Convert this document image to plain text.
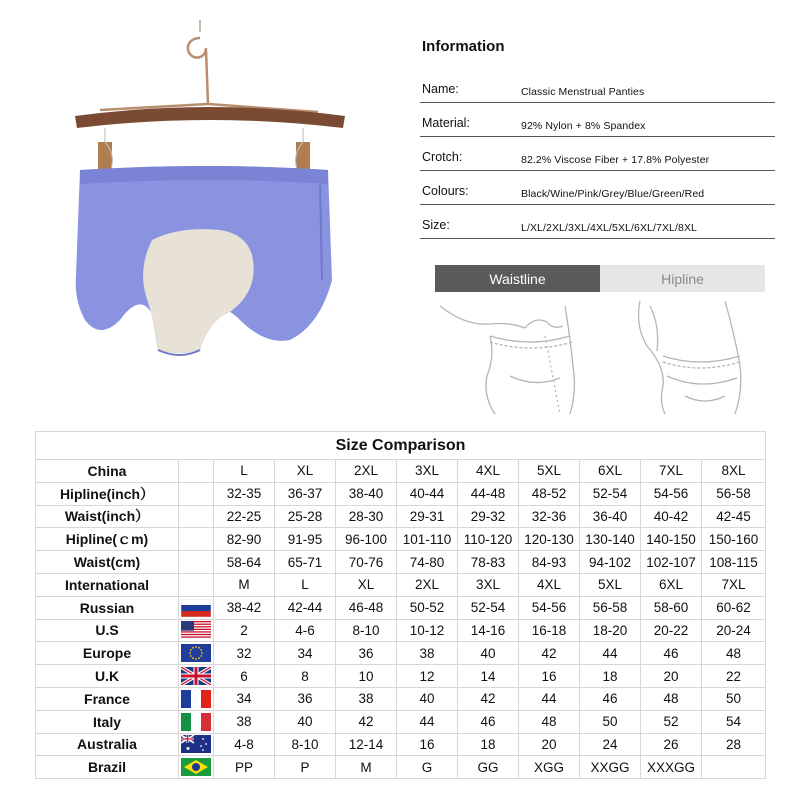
Information
Name:	Classic Menstrual Panties
Material:	92% Nylon + 8% Spandex
Crotch:	82.2% Viscose Fiber + 17.8% Polyester
Colours:	Black/Wine/Pink/Grey/Blue/Green/Red
Size:	L/XL/2XL/3XL/4XL/5XL/6XL/7XL/8XL
Waistline	Hipline
Size Comparison										
China		L	XL	2XL	3XL	4XL	5XL	6XL	7XL	8XL
Hipline(inch）		32-35	36-37	38-40	40-44	44-48	48-52	52-54	54-56	56-58
Waist(inch）		22-25	25-28	28-30	29-31	29-32	32-36	36-40	40-42	42-45
Hipline(ｃm)		82-90	91-95	96-100	101-110	110-120	120-130	130-140	140-150	150-160
Waist(cm)		58-64	65-71	70-76	74-80	78-83	84-93	94-102	102-107	108-115
International		M	L	XL	2XL	3XL	4XL	5XL	6XL	7XL
Russian		38-42	42-44	46-48	50-52	52-54	54-56	56-58	58-60	60-62
U.S		2	4-6	8-10	10-12	14-16	16-18	18-20	20-22	20-24
Europe		32	34	36	38	40	42	44	46	48
U.K		6	8	10	12	14	16	18	20	22
France		34	36	38	40	42	44	46	48	50
Italy		38	40	42	44	46	48	50	52	54
Australia		4-8	8-10	12-14	16	18	20	24	26	28
Brazil		PP	P	M	G	GG	XGG	XXGG	XXXGG	
